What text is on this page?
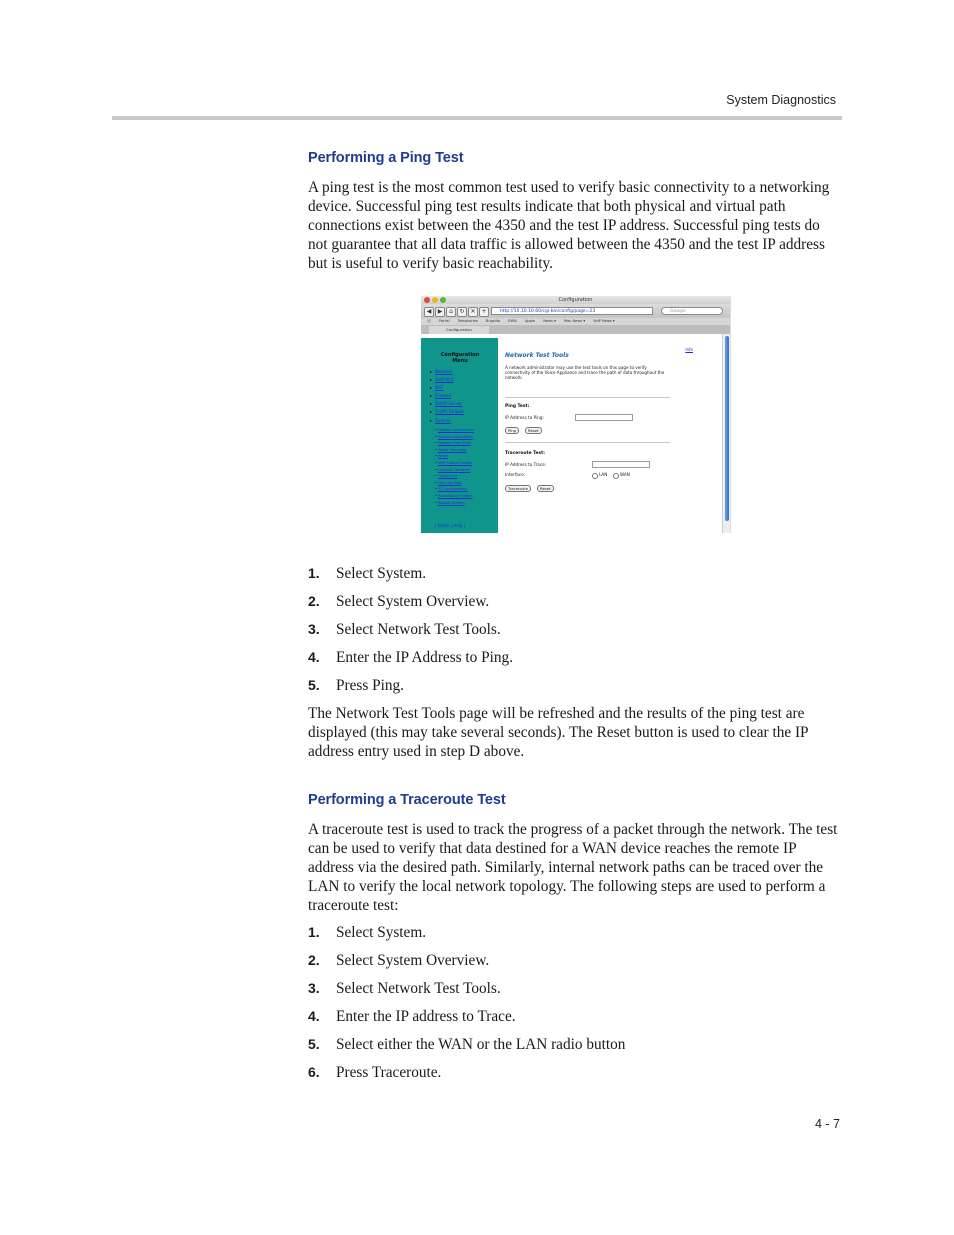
System Diagnostics
Performing a Ping Test

A ping test is the most common test used to verify basic connectivity to a networking device. Successful ping test results indicate that both physical and virtual path connections exist between the 4350 and the test IP address. Successful ping tests do not guarantee that all data traffic is allowed between the 4350 and the test IP address but is useful to verify basic reachability.

Configuration
◀	▶	⌂	↻ ✕ +	http://10.10.10.60/cgi-bin/config/page=23	Google
▯▯ Portal Telephones Bugzilla EWN Apple News ▾ Mac News ▾ VoIP News ▾
Configuration
Configuration
Menu
▸ Network
▸ VoIP ALG
▸ NAT
▸ Firewall
▸ DHCP Server
▸ Traffic Shaper
▸ System
• Network Information
• System Information
• Network Test Tools
• Traffic Simulator
• Reset
• VoIP Subnet Routes
• Upgrade Firmware
• Clients List
• Call Log Data
• T1 Configuration
• Redundancy Switch
• Reboot System
| Home | Help |
Info
Network Test Tools

A network administrator may use the test tools on this page to verify connectivity of the Voice Appliance and trace the path of data throughout the network.

Ping Test:
IP Address to Ping:
Ping	Reset
Traceroute Test:
IP Address to Trace:
Interface:	LAN	WAN
Traceroute	Reset
1. Select System.
2. Select System Overview.
3. Select Network Test Tools.
4. Enter the IP Address to Ping.
5. Press Ping.

The Network Test Tools page will be refreshed and the results of the ping test are displayed (this may take several seconds). The Reset button is used to clear the IP address entry used in step D above.

Performing a Traceroute Test

A traceroute test is used to track the progress of a packet through the network. The test can be used to verify that data destined for a WAN device reaches the remote IP address via the desired path. Similarly, internal network paths can be traced over the LAN to verify the local network topology. The following steps are used to perform a traceroute test:

1. Select System.
2. Select System Overview.
3. Select Network Test Tools.
4. Enter the IP address to Trace.
5. Select either the WAN or the LAN radio button
6. Press Traceroute.
4 - 7
